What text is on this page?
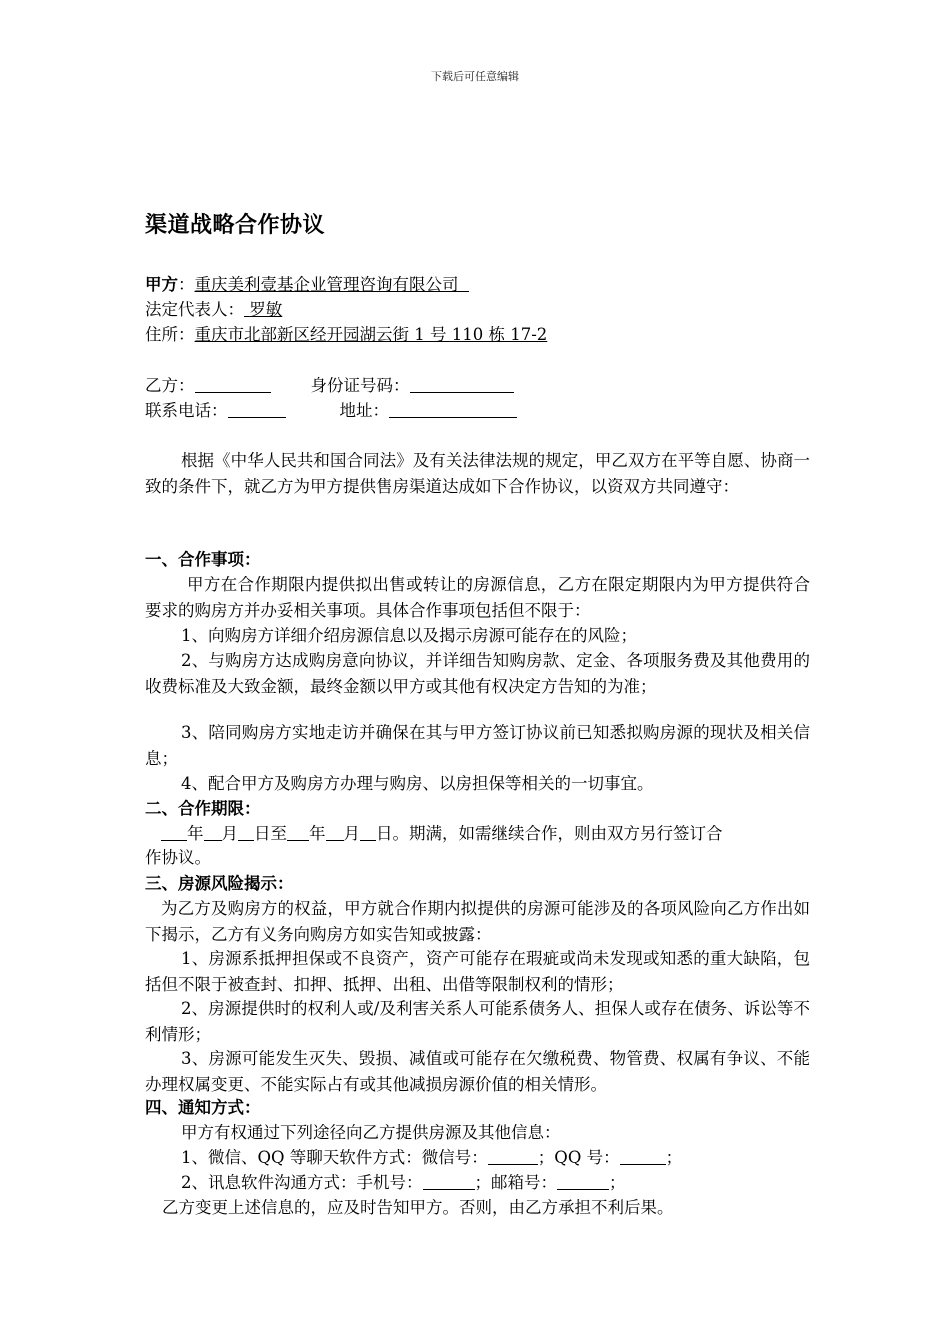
下载后可任意编辑
渠道战略合作协议
甲方：重庆美利壹基企业管理咨询有限公司
法定代表人： 罗敏
住所：重庆市北部新区经开园湖云街 1 号 110 栋 17-2
乙方：	身份证号码：
联系电话：	地址：
根据《中华人民共和国合同法》及有关法律法规的规定，甲乙双方在平等自愿、协商一致的条件下，就乙方为甲方提供售房渠道达成如下合作协议，以资双方共同遵守：
一、合作事项：
甲方在合作期限内提供拟出售或转让的房源信息，乙方在限定期限内为甲方提供符合要求的购房方并办妥相关事项。具体合作事项包括但不限于：
1、向购房方详细介绍房源信息以及揭示房源可能存在的风险；
2、与购房方达成购房意向协议，并详细告知购房款、定金、各项服务费及其他费用的收费标准及大致金额，最终金额以甲方或其他有权决定方告知的为准；
3、陪同购房方实地走访并确保在其与甲方签订协议前已知悉拟购房源的现状及相关信息；
4、配合甲方及购房方办理与购房、以房担保等相关的一切事宜。
二、合作期限：
年 月 日至 年 月 日。期满，如需继续合作，则由双方另行签订合
作协议。
三、房源风险揭示：
为乙方及购房方的权益，甲方就合作期内拟提供的房源可能涉及的各项风险向乙方作出如下揭示，乙方有义务向购房方如实告知或披露：
1、房源系抵押担保或不良资产，资产可能存在瑕疵或尚未发现或知悉的重大缺陷，包括但不限于被查封、扣押、抵押、出租、出借等限制权利的情形；
2、房源提供时的权利人或/及利害关系人可能系债务人、担保人或存在债务、诉讼等不利情形；
3、房源可能发生灭失、毁损、减值或可能存在欠缴税费、物管费、权属有争议、不能办理权属变更、不能实际占有或其他减损房源价值的相关情形。
四、通知方式：
甲方有权通过下列途径向乙方提供房源及其他信息：
1、微信、QQ 等聊天软件方式：微信号：	；QQ 号：	；
2、讯息软件沟通方式：手机号：	；邮箱号：	；
乙方变更上述信息的，应及时告知甲方。否则，由乙方承担不利后果。
